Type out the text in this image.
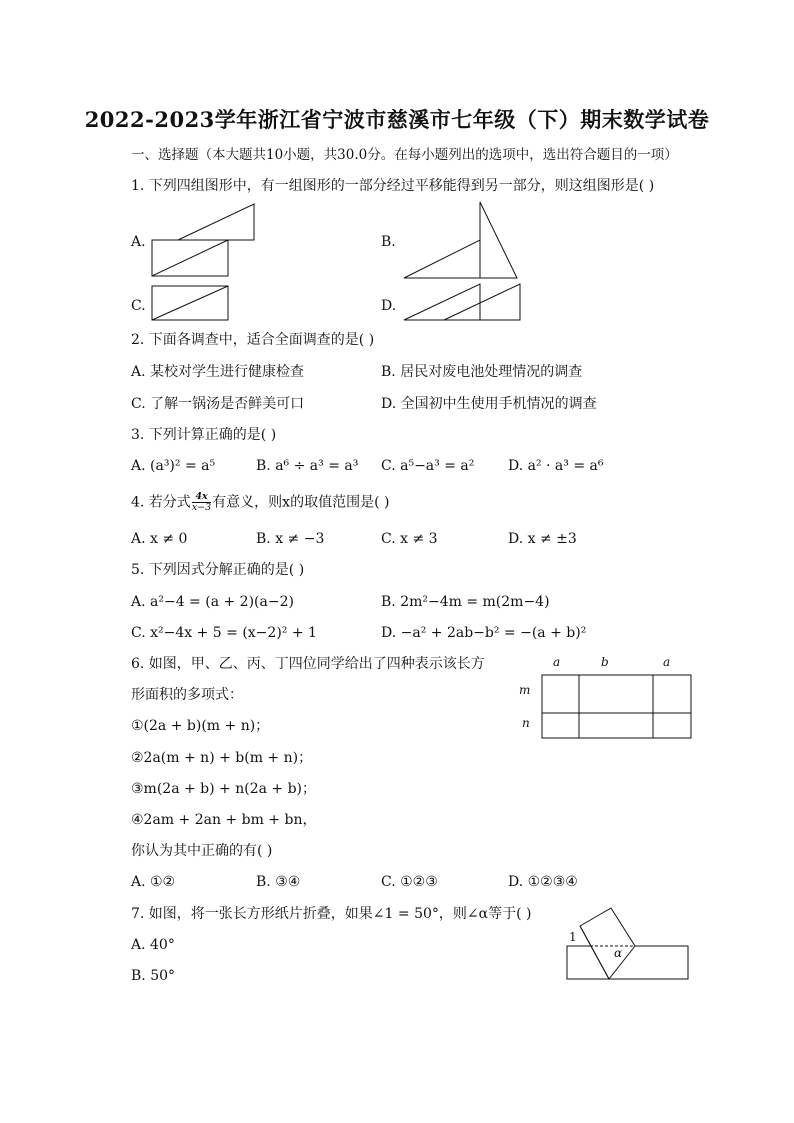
2022-2023学年浙江省宁波市慈溪市七年级（下）期末数学试卷
一、选择题（本大题共10小题，共30.0分。在每小题列出的选项中，选出符合题目的一项）
1. 下列四组图形中，有一组图形的一部分经过平移能得到另一部分，则这组图形是( )
A.	B.
C.	D.
2. 下面各调查中，适合全面调查的是( )
A. 某校对学生进行健康检查	B. 居民对废电池处理情况的调查
C. 了解一锅汤是否鲜美可口	D. 全国初中生使用手机情况的调查
3. 下列计算正确的是( )
A. (a³)² = a⁵	B. a⁶ ÷ a³ = a³ C. a⁵−a³ = a² D. a² · a³ = a⁶
4. 若分式 $\frac{4x}{x-3}$ 有意义，则x的取值范围是( )
A. x ≠ 0	B. x ≠ −3	C. x ≠ 3	D. x ≠ ±3
5. 下列因式分解正确的是( )
A. a²−4 = (a + 2)(a−2)	B. 2m²−4m = m(2m−4)
C. x²−4x + 5 = (x−2)² + 1	D. −a² + 2ab−b² = −(a + b)²
6. 如图，甲、乙、丙、丁四位同学给出了四种表示该长方
形面积的多项式：
①(2a + b)(m + n)；
②2a(m + n) + b(m + n)；
③m(2a + b) + n(2a + b)；
④2am + 2an + bm + bn，
你认为其中正确的有( )
A. ①②	B. ③④	C. ①②③	D. ①②③④
a	b	a
m
n
7. 如图，将一张长方形纸片折叠，如果∠1 = 50°，则∠α等于( )
A. 40°
B. 50°
1
α
